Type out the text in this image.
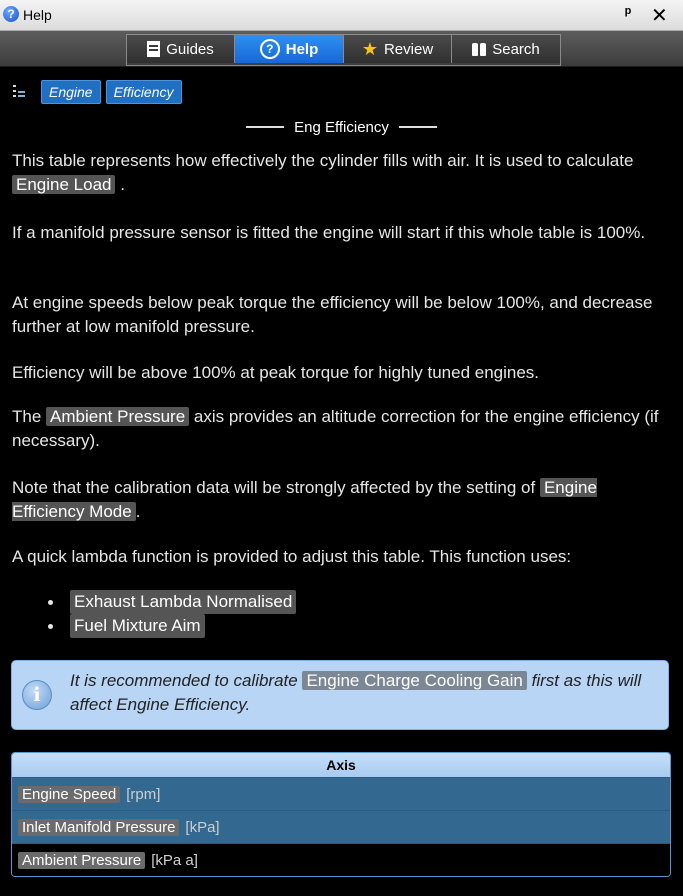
? Help	ᵖ ✕
Guides	? Help ★ Review	Search
Engine	Efficiency
Eng Efficiency

This table represents how effectively the cylinder fills with air. It is used to calculate Engine Load .

If a manifold pressure sensor is fitted the engine will start if this whole table is 100%.

At engine speeds below peak torque the efficiency will be below 100%, and decrease further at low manifold pressure.

Efficiency will be above 100% at peak torque for highly tuned engines.

The Ambient Pressure axis provides an altitude correction for the engine efficiency (if necessary).

Note that the calibration data will be strongly affected by the setting of Engine Efficiency Mode .

A quick lambda function is provided to adjust this table. This function uses:

Exhaust Lambda Normalised
Fuel Mixture Aim
i
It is recommended to calibrate Engine Charge Cooling Gain first as this will affect Engine Efficiency.
Axis
Engine Speed [rpm]
Inlet Manifold Pressure [kPa]
Ambient Pressure [kPa a]
